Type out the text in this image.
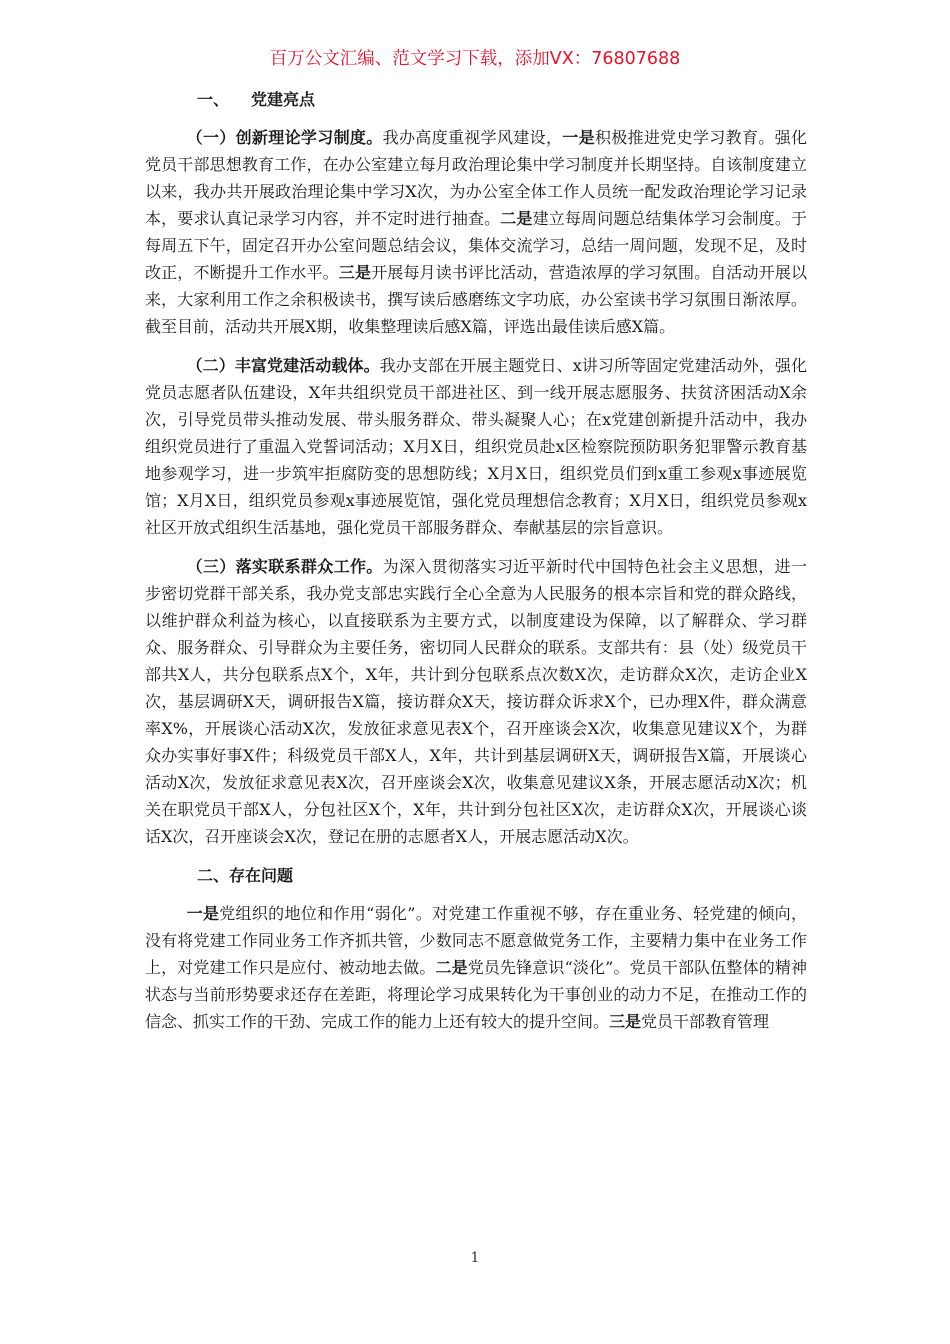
百万公文汇编、范文学习下载，添加VX：76807688
一、 党建亮点

（一）创新理论学习制度。我办高度重视学风建设，一是积极推进党史学习教育。强化党员干部思想教育工作，在办公室建立每月政治理论集中学习制度并长期坚持。自该制度建立以来，我办共开展政治理论集中学习X次，为办公室全体工作人员统一配发政治理论学习记录本，要求认真记录学习内容，并不定时进行抽查。二是建立每周问题总结集体学习会制度。于每周五下午，固定召开办公室问题总结会议，集体交流学习，总结一周问题，发现不足，及时改正，不断提升工作水平。三是开展每月读书评比活动，营造浓厚的学习氛围。自活动开展以来，大家利用工作之余积极读书，撰写读后感磨练文字功底，办公室读书学习氛围日渐浓厚。截至目前，活动共开展X期，收集整理读后感X篇，评选出最佳读后感X篇。

（二）丰富党建活动载体。我办支部在开展主题党日、x讲习所等固定党建活动外，强化党员志愿者队伍建设，X年共组织党员干部进社区、到一线开展志愿服务、扶贫济困活动X余次，引导党员带头推动发展、带头服务群众、带头凝聚人心；在x党建创新提升活动中，我办组织党员进行了重温入党誓词活动；X月X日，组织党员赴x区检察院预防职务犯罪警示教育基地参观学习，进一步筑牢拒腐防变的思想防线；X月X日，组织党员们到x重工参观x事迹展览馆；X月X日，组织党员参观x事迹展览馆，强化党员理想信念教育；X月X日，组织党员参观x社区开放式组织生活基地，强化党员干部服务群众、奉献基层的宗旨意识。

（三）落实联系群众工作。为深入贯彻落实习近平新时代中国特色社会主义思想，进一步密切党群干部关系，我办党支部忠实践行全心全意为人民服务的根本宗旨和党的群众路线，以维护群众利益为核心，以直接联系为主要方式，以制度建设为保障，以了解群众、学习群众、服务群众、引导群众为主要任务，密切同人民群众的联系。支部共有：县（处）级党员干部共X人，共分包联系点X个，X年，共计到分包联系点次数X次，走访群众X次，走访企业X次，基层调研X天，调研报告X篇，接访群众X天，接访群众诉求X个，已办理X件，群众满意率X%，开展谈心活动X次，发放征求意见表X个，召开座谈会X次，收集意见建议X个，为群众办实事好事X件；科级党员干部X人，X年，共计到基层调研X天，调研报告X篇，开展谈心活动X次，发放征求意见表X次，召开座谈会X次，收集意见建议X条，开展志愿活动X次；机关在职党员干部X人，分包社区X个，X年，共计到分包社区X次，走访群众X次，开展谈心谈话X次，召开座谈会X次，登记在册的志愿者X人，开展志愿活动X次。

二、存在问题

一是党组织的地位和作用“弱化”。对党建工作重视不够，存在重业务、轻党建的倾向，没有将党建工作同业务工作齐抓共管，少数同志不愿意做党务工作，主要精力集中在业务工作上，对党建工作只是应付、被动地去做。二是党员先锋意识“淡化”。党员干部队伍整体的精神状态与当前形势要求还存在差距，将理论学习成果转化为干事创业的动力不足，在推动工作的信念、抓实工作的干劲、完成工作的能力上还有较大的提升空间。三是党员干部教育管理

1
